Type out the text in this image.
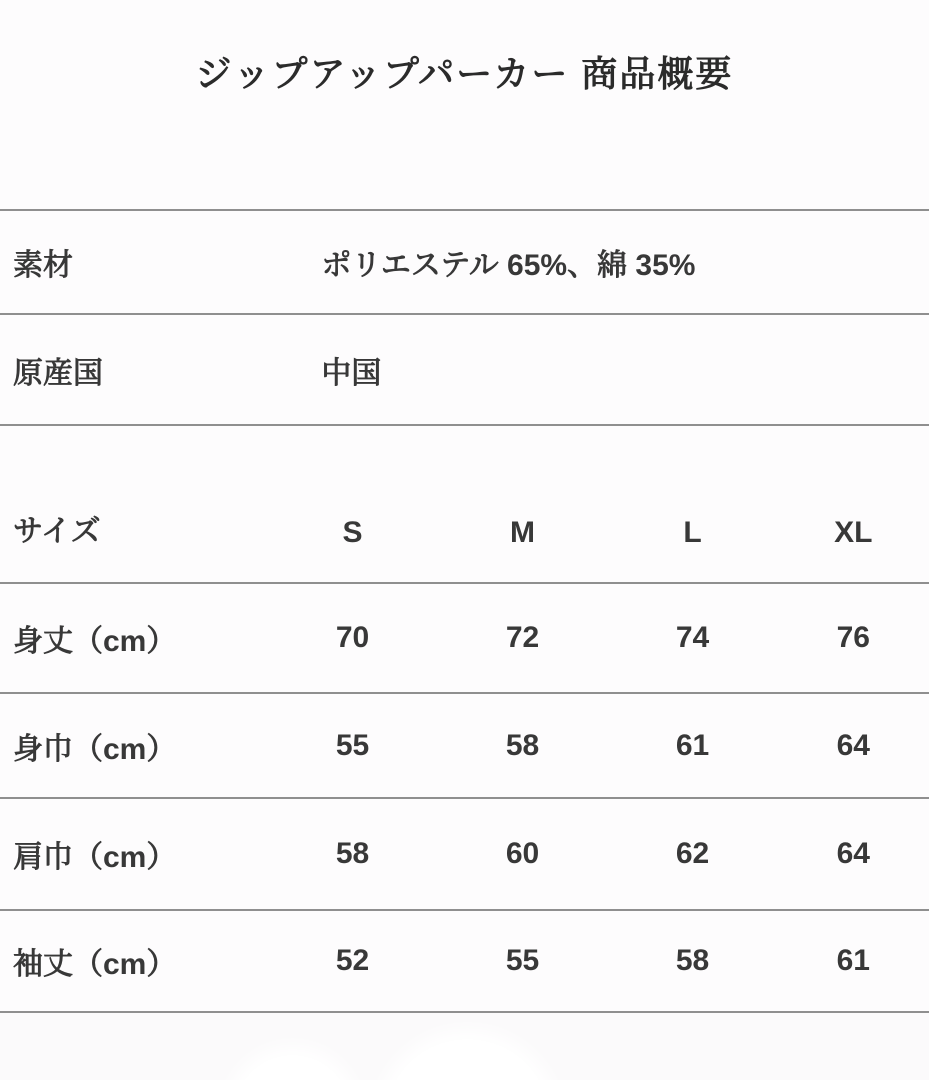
ジップアップパーカー 商品概要
素材	ポリエステル 65%、綿 35%
原産国	中国
サイズ	S	M	L	XL
身丈（cm）	70	72	74	76
身巾（cm）	55	58	61	64
肩巾（cm）	58	60	62	64
袖丈（cm）	52	55	58	61
